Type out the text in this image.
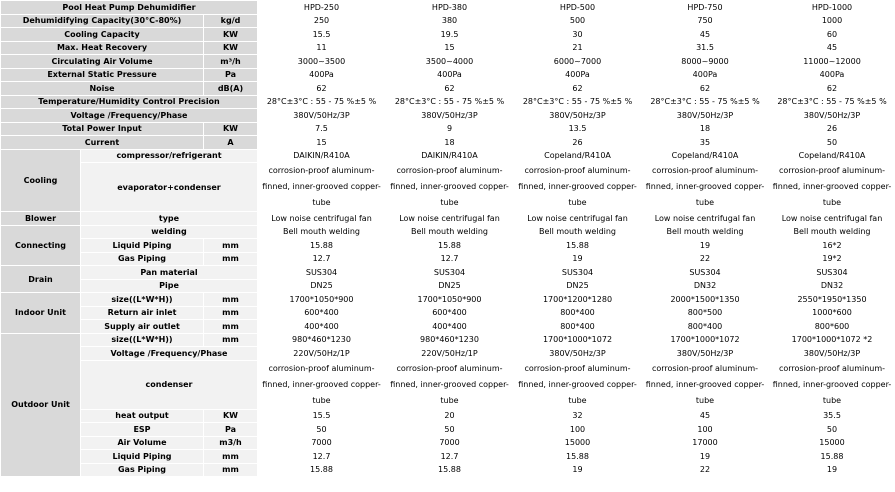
Pool Heat Pump Dehumidifier			HPD-250	HPD-380	HPD-500	HPD-750	HPD-1000
Dehumidifying Capacity(30°C-80%)		kg/d	250	380	500	750	1000
Cooling Capacity		KW	15.5	19.5	30	45	60
Max. Heat Recovery		KW	11	15	21	31.5	45
Circulating Air Volume		m³/h	3000~3500	3500~4000	6000~7000	8000~9000	11000~12000
External Static Pressure		Pa	400Pa	400Pa	400Pa	400Pa	400Pa
Noise		dB(A)	62	62	62	62	62
Temperature/Humidity Control Precision			28°C±3°C : 55 - 75 %±5 %	28°C±3°C : 55 - 75 %±5 %	28°C±3°C : 55 - 75 %±5 %	28°C±3°C : 55 - 75 %±5 %	28°C±3°C : 55 - 75 %±5 %
Voltage /Frequency/Phase			380V/50Hz/3P	380V/50Hz/3P	380V/50Hz/3P	380V/50Hz/3P	380V/50Hz/3P
Total Power Input		KW	7.5	9	13.5	18	26
Current		A	15	18	26	35	50
Cooling	compressor/refrigerant		DAIKIN/R410A	DAIKIN/R410A	Copeland/R410A	Copeland/R410A	Copeland/R410A
	evaporator+condenser		corrosion-proof aluminum-finned, inner-grooved copper-tube	corrosion-proof aluminum-finned, inner-grooved copper-tube	corrosion-proof aluminum-finned, inner-grooved copper-tube	corrosion-proof aluminum-finned, inner-grooved copper-tube	corrosion-proof aluminum-finned, inner-grooved copper-tube
Blower	type		Low noise centrifugal fan	Low noise centrifugal fan	Low noise centrifugal fan	Low noise centrifugal fan	Low noise centrifugal fan
Connecting	welding		Bell mouth welding	Bell mouth welding	Bell mouth welding	Bell mouth welding	Bell mouth welding
	Liquid Piping	mm	15.88	15.88	15.88	19	16*2
	Gas Piping	mm	12.7	12.7	19	22	19*2
Drain	Pan material		SUS304	SUS304	SUS304	SUS304	SUS304
	Pipe		DN25	DN25	DN25	DN32	DN32
Indoor Unit	size((L*W*H))	mm	1700*1050*900	1700*1050*900	1700*1200*1280	2000*1500*1350	2550*1950*1350
	Return air inlet	mm	600*400	600*400	800*400	800*500	1000*600
	Supply air outlet	mm	400*400	400*400	800*400	800*400	800*600
Outdoor Unit	size((L*W*H))	mm	980*460*1230	980*460*1230	1700*1000*1072	1700*1000*1072	1700*1000*1072 *2
	Voltage /Frequency/Phase		220V/50Hz/1P	220V/50Hz/1P	380V/50Hz/3P	380V/50Hz/3P	380V/50Hz/3P
	condenser		corrosion-proof aluminum-finned, inner-grooved copper-tube	corrosion-proof aluminum-finned, inner-grooved copper-tube	corrosion-proof aluminum-finned, inner-grooved copper-tube	corrosion-proof aluminum-finned, inner-grooved copper-tube	corrosion-proof aluminum-finned, inner-grooved copper-tube
	heat output	KW	15.5	20	32	45	35.5
	ESP	Pa	50	50	100	100	50
	Air Volume	m3/h	7000	7000	15000	17000	15000
	Liquid Piping	mm	12.7	12.7	15.88	19	15.88
	Gas Piping	mm	15.88	15.88	19	22	19
